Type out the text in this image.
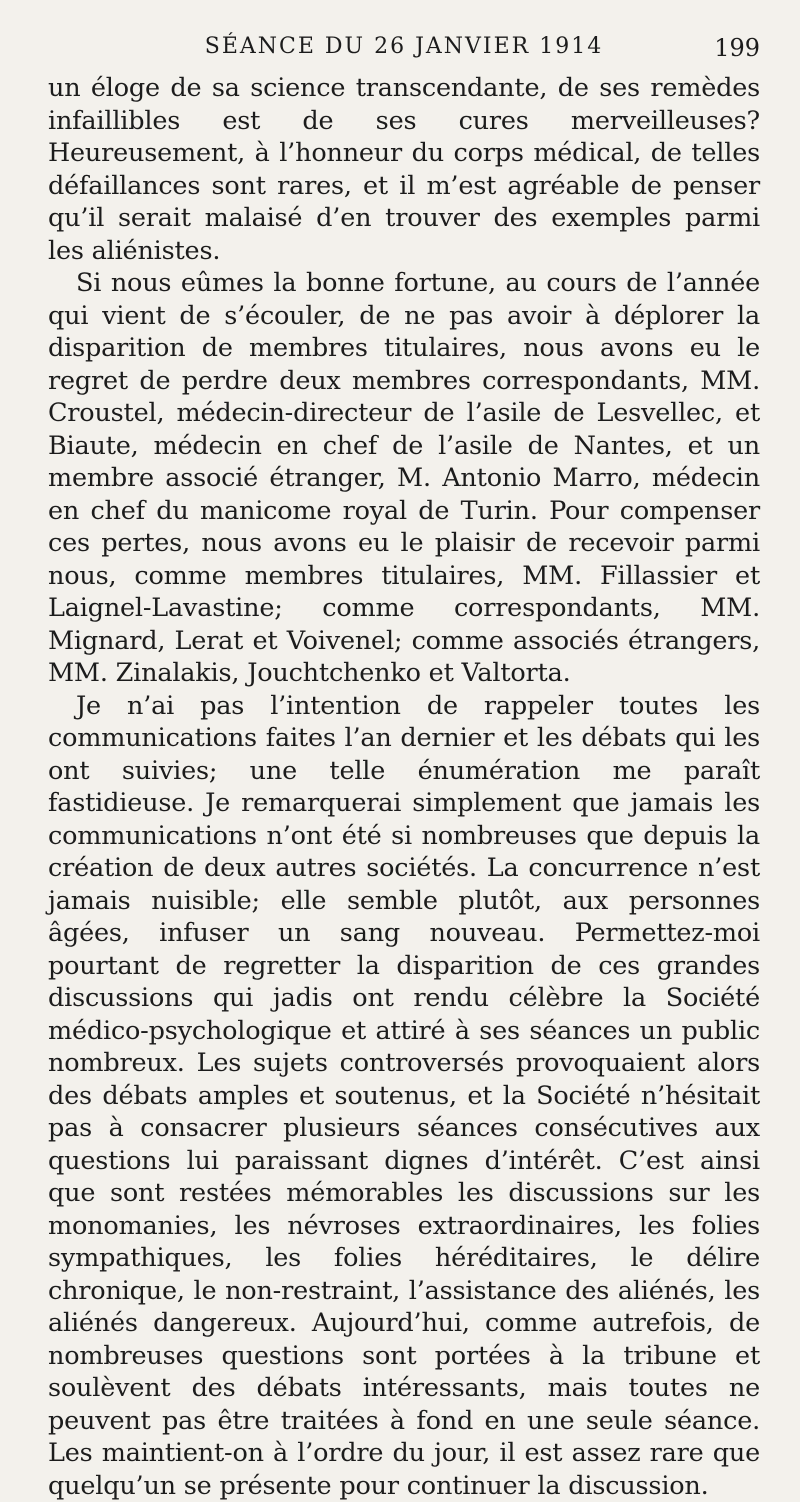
SÉANCE DU 26 JANVIER 1914	199

un éloge de sa science transcendante, de ses remèdes infaillibles est de ses cures merveilleuses? Heureusement, à l’honneur du corps médical, de telles défaillances sont rares, et il m’est agréable de penser qu’il serait malaisé d’en trouver des exemples parmi les aliénistes.

Si nous eûmes la bonne fortune, au cours de l’année qui vient de s’écouler, de ne pas avoir à déplorer la disparition de membres titulaires, nous avons eu le regret de perdre deux membres correspondants, MM. Croustel, médecin-directeur de l’asile de Lesvellec, et Biaute, médecin en chef de l’asile de Nantes, et un membre associé étranger, M. Antonio Marro, médecin en chef du manicome royal de Turin. Pour compenser ces pertes, nous avons eu le plaisir de recevoir parmi nous, comme membres titulaires, MM. Fillassier et Laignel-Lavastine; comme correspondants, MM. Mignard, Lerat et Voivenel; comme associés étrangers, MM. Zinalakis, Jouchtchenko et Valtorta.

Je n’ai pas l’intention de rappeler toutes les communications faites l’an dernier et les débats qui les ont suivies; une telle énumération me paraît fastidieuse. Je remarquerai simplement que jamais les communications n’ont été si nombreuses que depuis la création de deux autres sociétés. La concurrence n’est jamais nuisible; elle semble plutôt, aux personnes âgées, infuser un sang nouveau. Permettez-moi pourtant de regretter la disparition de ces grandes discussions qui jadis ont rendu célèbre la Société médico-psychologique et attiré à ses séances un public nombreux. Les sujets controversés provoquaient alors des débats amples et soutenus, et la Société n’hésitait pas à consacrer plusieurs séances consécutives aux questions lui paraissant dignes d’intérêt. C’est ainsi que sont restées mémorables les discussions sur les monomanies, les névroses extraordinaires, les folies sympathiques, les folies héréditaires, le délire chronique, le non-restraint, l’assistance des aliénés, les aliénés dangereux. Aujourd’hui, comme autrefois, de nombreuses questions sont portées à la tribune et soulèvent des débats intéressants, mais toutes ne peuvent pas être traitées à fond en une seule séance. Les maintient-on à l’ordre du jour, il est assez rare que quelqu’un se présente pour continuer la discussion.
